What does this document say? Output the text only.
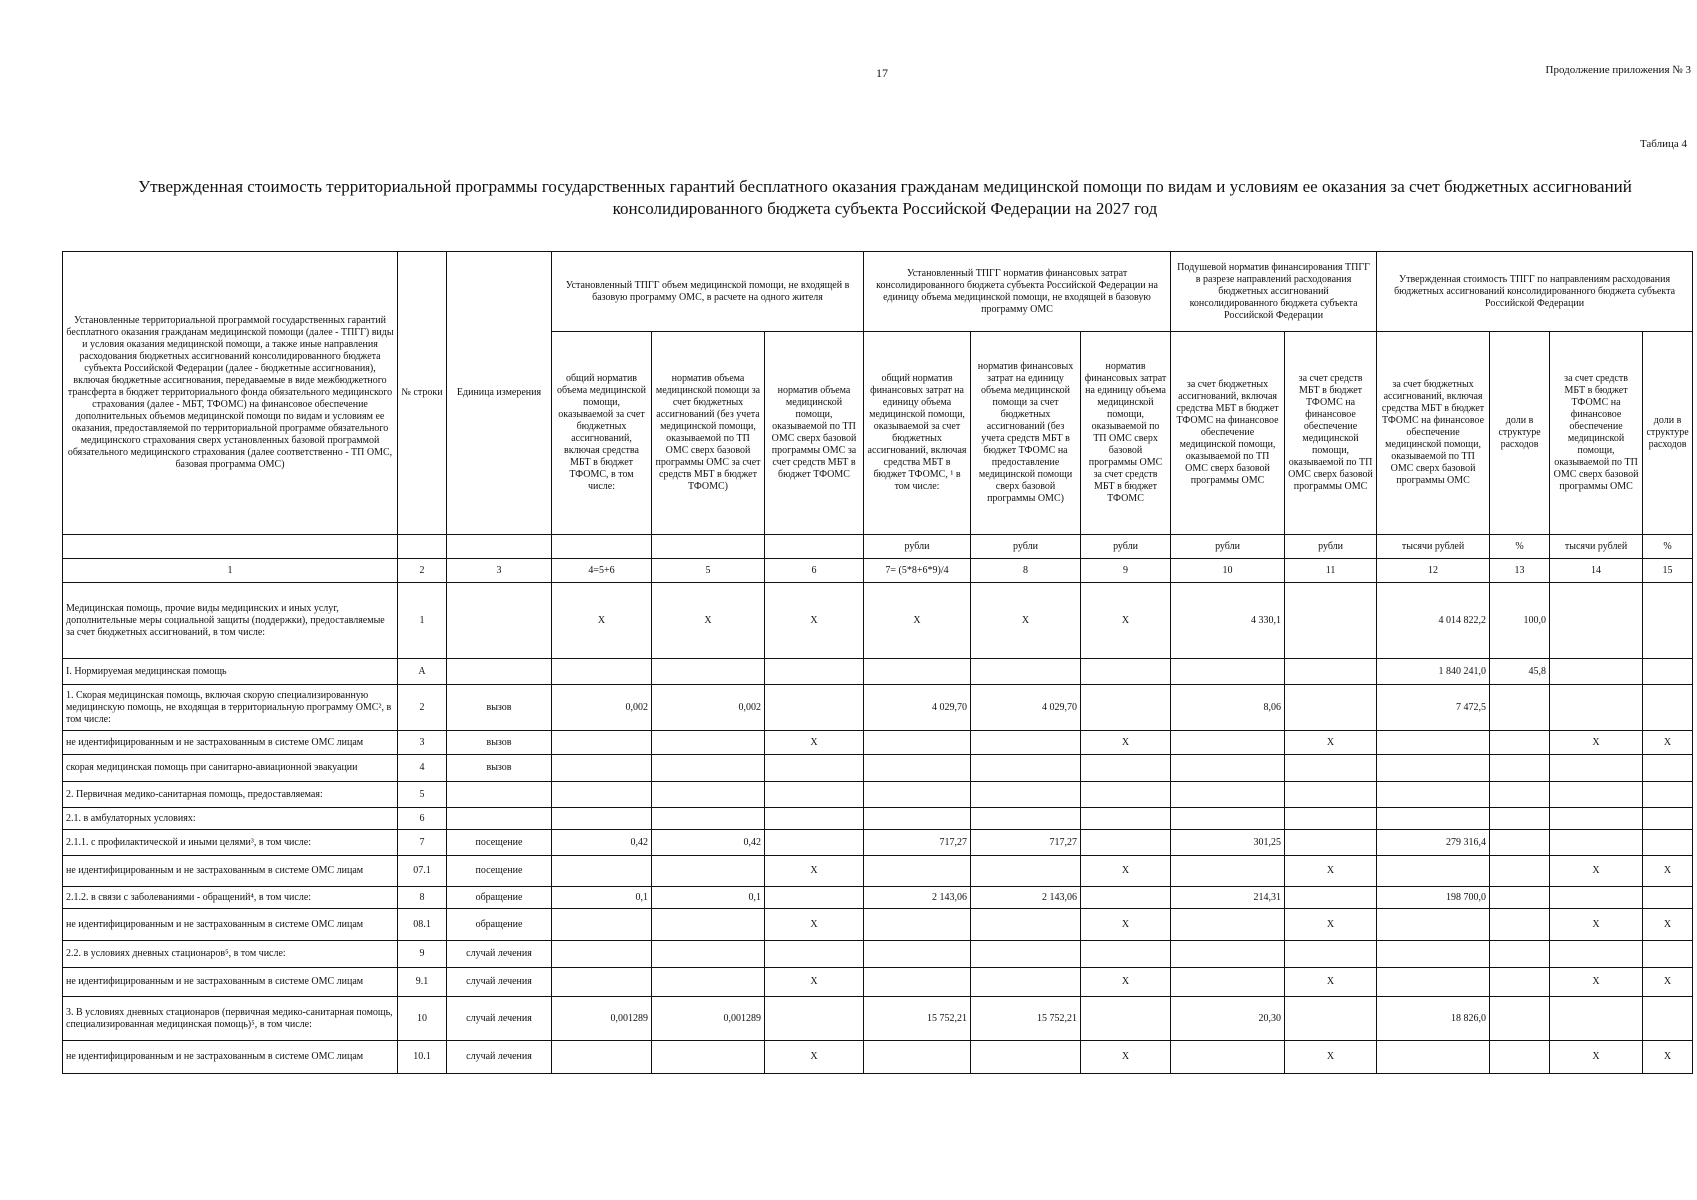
17	Продолжение приложения № 3
Таблица 4
Утвержденная стоимость территориальной программы государственных гарантий бесплатного оказания гражданам медицинской помощи по видам и условиям ее оказания за счет бюджетных ассигнований
консолидированного бюджета субъекта Российской Федерации на 2027 год
Установленные территориальной программой государственных гарантий бесплатного оказания гражданам медицинской помощи (далее - ТПГГ) виды и условия оказания медицинской помощи, а также иные направления расходования бюджетных ассигнований консолидированного бюджета субъекта Российской Федерации (далее - бюджетные ассигнования), включая бюджетные ассигнования, передаваемые в виде межбюджетного трансферта в бюджет территориального фонда обязательного медицинского страхования (далее - МБТ, ТФОМС) на финансовое обеспечение дополнительных объемов медицинской помощи по видам и условиям ее оказания, предоставляемой по территориальной программе обязательного медицинского страхования сверх установленных базовой программой обязательного медицинского страхования (далее соответственно - ТП ОМС, базовая программа ОМС)	№ строки	Единица измерения	Установленный ТПГГ объем медицинской помощи, не входящей в базовую программу ОМС, в расчете на одного жителя			Установленный ТПГГ норматив финансовых затрат консолидированного бюджета субъекта Российской Федерации на единицу объема медицинской помощи, не входящей в базовую программу ОМС			Подушевой норматив финансирования ТПГГ в разрезе направлений расходования бюджетных ассигнований консолидированного бюджета субъекта Российской Федерации		Утвержденная стоимость ТПГГ по направлениям расходования бюджетных ассигнований консолидированного бюджета субъекта Российской Федерации			
			общий норматив объема медицинской помощи, оказываемой за счет бюджетных ассигнований, включая средства МБТ в бюджет ТФОМС, в том числе:	норматив объема медицинской помощи за счет бюджетных ассигнований (без учета медицинской помощи, оказываемой по ТП ОМС сверх базовой программы ОМС за счет средств МБТ в бюджет ТФОМС)	норматив объема медицинской помощи, оказываемой по ТП ОМС сверх базовой программы ОМС за счет средств МБТ в бюджет ТФОМС	общий норматив финансовых затрат на единицу объема медицинской помощи, оказываемой за счет бюджетных ассигнований, включая средства МБТ в бюджет ТФОМС, ¹ в том числе:	норматив финансовых затрат на единицу объема медицинской помощи за счет бюджетных ассигнований (без учета средств МБТ в бюджет ТФОМС на предоставление медицинской помощи сверх базовой программы ОМС)	норматив финансовых затрат на единицу объема медицинской помощи, оказываемой по ТП ОМС сверх базовой программы ОМС за счет средств МБТ в бюджет ТФОМС	за счет бюджетных ассигнований, включая средства МБТ в бюджет ТФОМС на финансовое обеспечение медицинской помощи, оказываемой по ТП ОМС сверх базовой программы ОМС	за счет средств МБТ в бюджет ТФОМС на финансовое обеспечение медицинской помощи, оказываемой по ТП ОМС сверх базовой программы ОМС	за счет бюджетных ассигнований, включая средства МБТ в бюджет ТФОМС на финансовое обеспечение медицинской помощи, оказываемой по ТП ОМС сверх базовой программы ОМС	доли в структуре расходов	за счет средств МБТ в бюджет ТФОМС на финансовое обеспечение медицинской помощи, оказываемой по ТП ОМС сверх базовой программы ОМС	доли в структуре расходов
						рубли	рубли	рубли	рубли	рубли	тысячи рублей	%	тысячи рублей	%
1	2	3	4=5+6	5	6	7= (5*8+6*9)/4	8	9	10	11	12	13	14	15
Медицинская помощь, прочие виды медицинских и иных услуг, дополнительные меры социальной защиты (поддержки), предоставляемые за счет бюджетных ассигнований, в том числе:	1		X	X	X	X	X	X	4 330,1		4 014 822,2	100,0		
I. Нормируемая медицинская помощь	А										1 840 241,0	45,8		
1. Скорая медицинская помощь, включая скорую специализированную медицинскую помощь, не входящая в территориальную программу ОМС², в том числе:	2	вызов	0,002	0,002		4 029,70	4 029,70		8,06		7 472,5			
не идентифицированным и не застрахованным в системе ОМС лицам	3	вызов			X			X		X			X	X
скорая медицинская помощь при санитарно-авиационной эвакуации	4	вызов												
2. Первичная медико-санитарная помощь, предоставляемая:	5													
2.1. в амбулаторных условиях:	6													
2.1.1. с профилактической и иными целями³, в том числе:	7	посещение	0,42	0,42		717,27	717,27		301,25		279 316,4			
не идентифицированным и не застрахованным в системе ОМС лицам	07.1	посещение			X			X		X			X	X
2.1.2. в связи с заболеваниями - обращений⁴, в том числе:	8	обращение	0,1	0,1		2 143,06	2 143,06		214,31		198 700,0			
не идентифицированным и не застрахованным в системе ОМС лицам	08.1	обращение			X			X		X			X	X
2.2. в условиях дневных стационаров⁵, в том числе:	9	случай лечения												
не идентифицированным и не застрахованным в системе ОМС лицам	9.1	случай лечения			X			X		X			X	X
3. В условиях дневных стационаров (первичная медико-санитарная помощь, специализированная медицинская помощь)⁵, в том числе:	10	случай лечения	0,001289	0,001289		15 752,21	15 752,21		20,30		18 826,0			
не идентифицированным и не застрахованным в системе ОМС лицам	10.1	случай лечения			X			X		X			X	X
